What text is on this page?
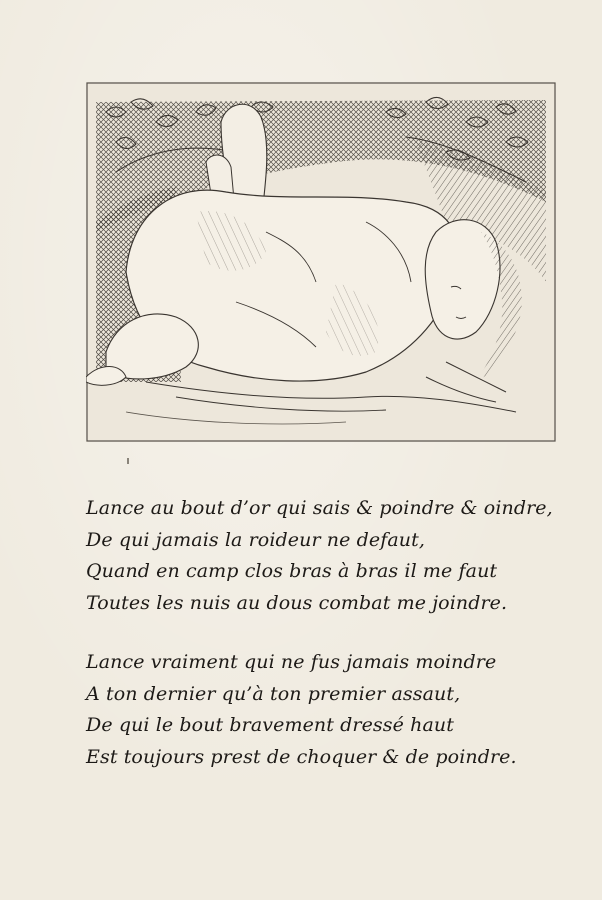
Lance au bout d’or qui sais & poindre & oindre,
De qui jamais la roideur ne defaut,
Quand en camp clos bras à bras il me faut
Toutes les nuis au dous combat me joindre.
Lance vraiment qui ne fus jamais moindre
A ton dernier qu’à ton premier assaut,
De qui le bout bravement dressé haut
Est toujours prest de choquer & de poindre.
